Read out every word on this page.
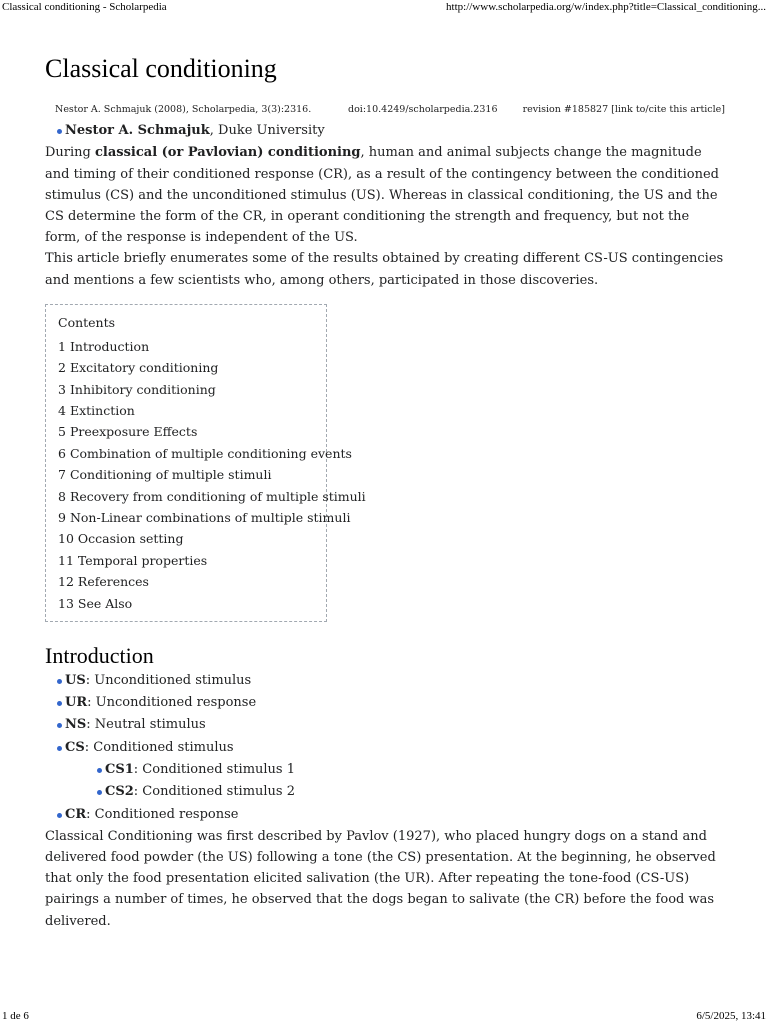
Classical conditioning - Scholarpedia	http://www.scholarpedia.org/w/index.php?title=Classical_conditioning...
Classical conditioning
Nestor A. Schmajuk (2008), Scholarpedia, 3(3):2316.	doi:10.4249/scholarpedia.2316	revision #185827 [link to/cite this article]
Nestor A. Schmajuk, Duke University

During classical (or Pavlovian) conditioning, human and animal subjects change the magnitude and timing of their conditioned response (CR), as a result of the contingency between the conditioned stimulus (CS) and the unconditioned stimulus (US). Whereas in classical conditioning, the US and the CS determine the form of the CR, in operant conditioning the strength and frequency, but not the form, of the response is independent of the US.

This article briefly enumerates some of the results obtained by creating different CS-US contingencies and mentions a few scientists who, among others, participated in those discoveries.

Contents
1 Introduction
2 Excitatory conditioning
3 Inhibitory conditioning
4 Extinction
5 Preexposure Effects
6 Combination of multiple conditioning events
7 Conditioning of multiple stimuli
8 Recovery from conditioning of multiple stimuli
9 Non-Linear combinations of multiple stimuli
10 Occasion setting
11 Temporal properties
12 References
13 See Also
Introduction
US: Unconditioned stimulus
UR: Unconditioned response
NS: Neutral stimulus
CS: Conditioned stimulus
CS1: Conditioned stimulus 1
CS2: Conditioned stimulus 2
CR: Conditioned response

Classical Conditioning was first described by Pavlov (1927), who placed hungry dogs on a stand and delivered food powder (the US) following a tone (the CS) presentation. At the beginning, he observed that only the food presentation elicited salivation (the UR). After repeating the tone-food (CS-US) pairings a number of times, he observed that the dogs began to salivate (the CR) before the food was delivered.

1 de 6	6/5/2025, 13:41
